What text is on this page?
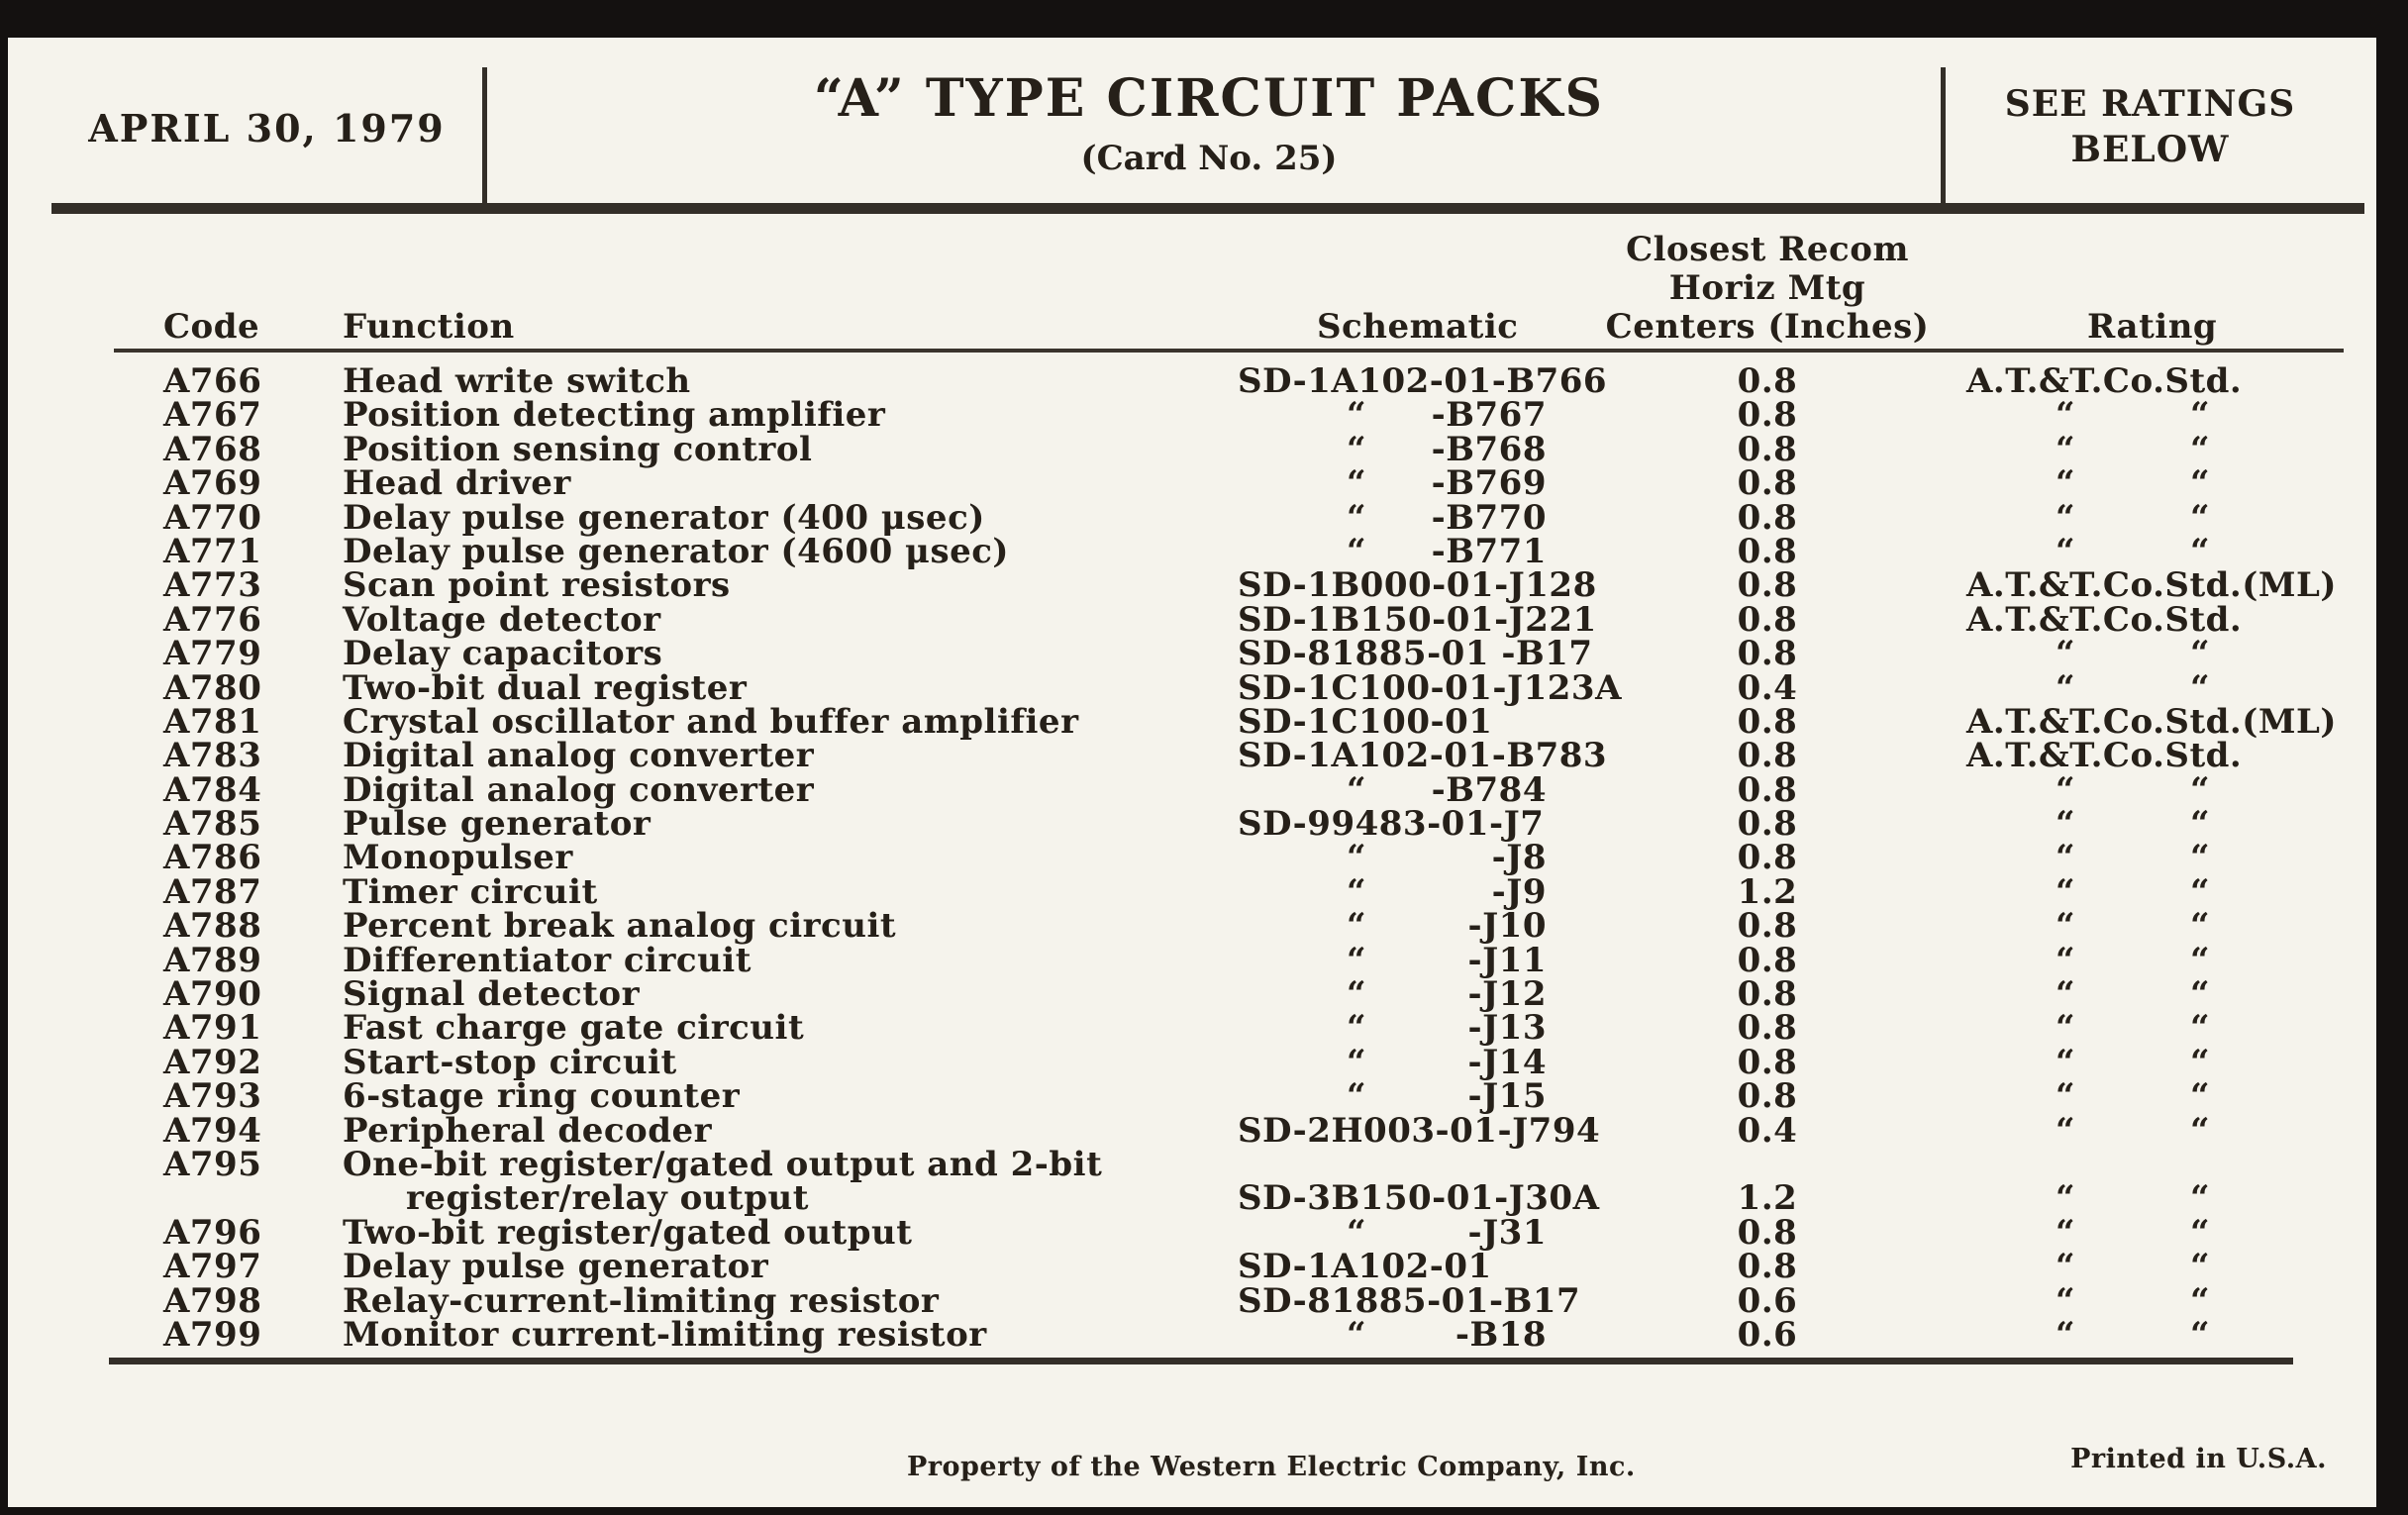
APRIL 30, 1979	“A” TYPE CIRCUIT PACKS
(Card No. 25)
SEE RATINGS
BELOW
Code Function	Schematic
Closest Recom
Horiz Mtg
Centers (Inches)	Rating
A766 Head write switch	SD-1A102-01-B766	0.8	A.T.&T.Co.Std.
A767 Position detecting amplifier	“ -B767	0.8	“	“
A768 Position sensing control	“ -B768	0.8	“	“
A769 Head driver	“ -B769	0.8	“	“
A770 Delay pulse generator (400 μsec)	“ -B770	0.8	“	“
A771 Delay pulse generator (4600 μsec)	“ -B771	0.8	“	“
A773 Scan point resistors	SD-1B000-01-J128	0.8	A.T.&T.Co.Std.(ML)
A776 Voltage detector	SD-1B150-01-J221	0.8	A.T.&T.Co.Std.
A779 Delay capacitors	SD-81885-01 -B17	0.8	“	“
A780 Two-bit dual register	SD-1C100-01-J123A	0.4	“	“
A781 Crystal oscillator and buffer amplifier	SD-1C100-01	0.8	A.T.&T.Co.Std.(ML)
A783 Digital analog converter	SD-1A102-01-B783	0.8	A.T.&T.Co.Std.
A784 Digital analog converter	“ -B784	0.8	“	“
A785 Pulse generator	SD-99483-01-J7	0.8	“	“
A786 Monopulser	“	-J8	0.8	“	“
A787 Timer circuit	“	-J9	1.2	“	“
A788 Percent break analog circuit	“	-J10	0.8	“	“
A789 Differentiator circuit	“	-J11	0.8	“	“
A790 Signal detector	“	-J12	0.8	“	“
A791 Fast charge gate circuit	“	-J13	0.8	“	“
A792 Start-stop circuit	“	-J14	0.8	“	“
A793 6-stage ring counter	“	-J15	0.8	“	“
A794 Peripheral decoder	SD-2H003-01-J794	0.4	“	“
A795 One-bit register/gated output and 2-bit
register/relay output	SD-3B150-01-J30A	1.2	“	“
A796 Two-bit register/gated output	“	-J31	0.8	“	“
A797 Delay pulse generator	SD-1A102-01	0.8	“	“
A798 Relay-current-limiting resistor	SD-81885-01-B17	0.6	“	“
A799 Monitor current-limiting resistor	“	-B18	0.6	“	“
Property of the Western Electric Company, Inc.	Printed in U.S.A.
